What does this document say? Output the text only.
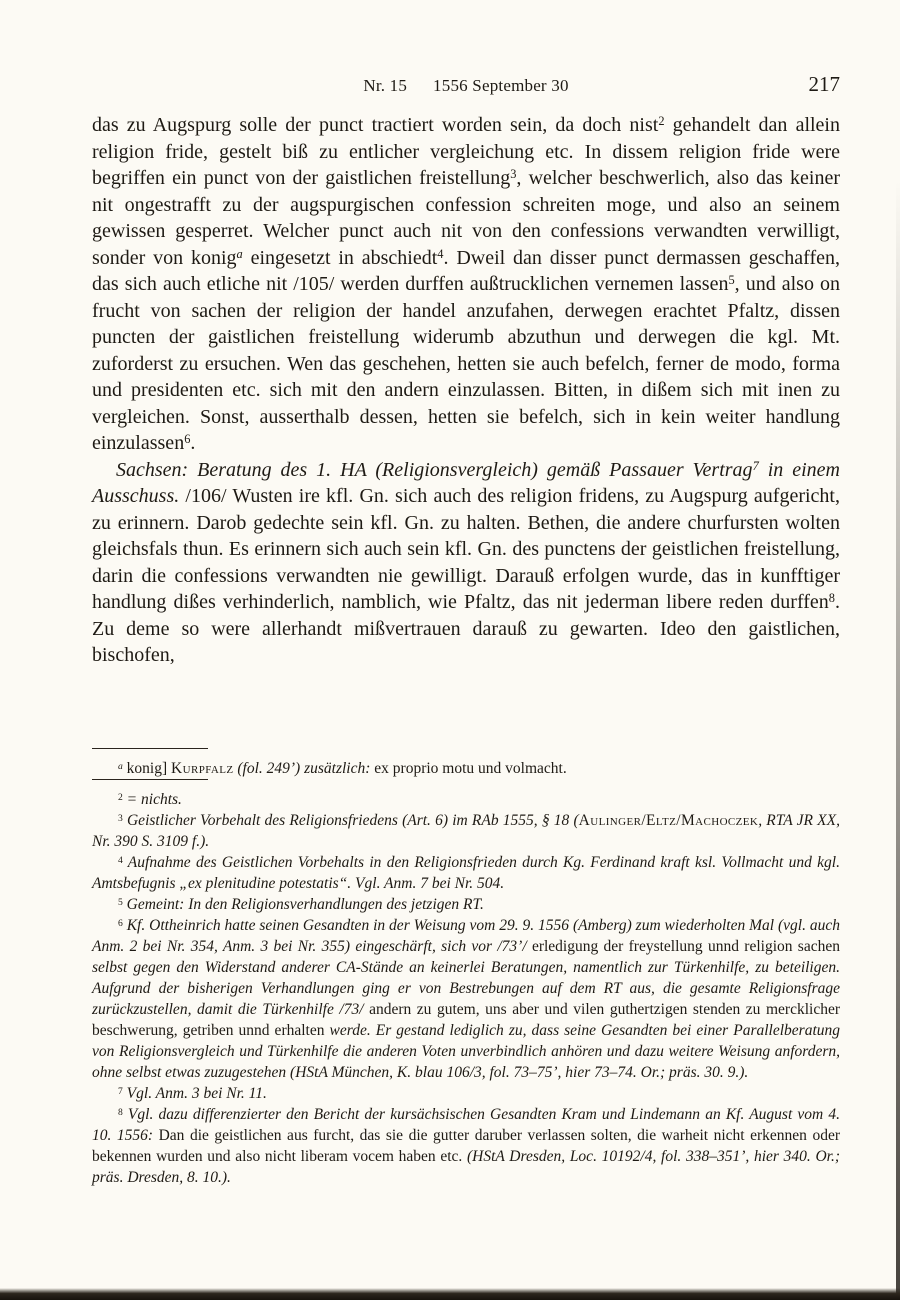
Nr. 15 1556 September 30	217

das zu Augspurg solle der punct tractiert worden sein, da doch nist$^2$ gehandelt dan allein religion fride, gestelt biß zu entlicher vergleichung etc. In dissem religion fride were begriffen ein punct von der gaistlichen freistellung$^3$, welcher beschwerlich, also das keiner nit ongestrafft zu der augspurgischen confession schreiten moge, und also an seinem gewissen gesperret. Welcher punct auch nit von den confessions verwandten verwilligt, sonder von konig$^a$ eingesetzt in abschiedt$^4$. Dweil dan disser punct dermassen geschaffen, das sich auch etliche nit /105/ werden durffen außtrucklichen vernemen lassen$^5$, und also on frucht von sachen der religion der handel anzufahen, derwegen erachtet Pfaltz, dissen puncten der gaistlichen freistellung widerumb abzuthun und derwegen die kgl. Mt. zuforderst zu ersuchen. Wen das geschehen, hetten sie auch befelch, ferner de modo, forma und presidenten etc. sich mit den andern einzulassen. Bitten, in dißem sich mit inen zu vergleichen. Sonst, ausserthalb dessen, hetten sie befelch, sich in kein weiter handlung einzulassen$^6$.

Sachsen: Beratung des 1. HA (Religionsvergleich) gemäß Passauer Vertrag$^7$ in einem Ausschuss. /106/ Wusten ire kfl. Gn. sich auch des religion fridens, zu Augspurg aufgericht, zu erinnern. Darob gedechte sein kfl. Gn. zu halten. Bethen, die andere churfursten wolten gleichsfals thun. Es erinnern sich auch sein kfl. Gn. des punctens der geistlichen freistellung, darin die confessions verwandten nie gewilligt. Darauß erfolgen wurde, das in kunfftiger handlung dißes verhinderlich, namblich, wie Pfaltz, das nit jederman libere reden durffen$^8$. Zu deme so were allerhandt mißvertrauen darauß zu gewarten. Ideo den gaistlichen, bischofen,

$^a$ konig] Kurpfalz (fol. 249’) zusätzlich: ex proprio motu und volmacht.

$^2$ = nichts.

$^3$ Geistlicher Vorbehalt des Religionsfriedens (Art. 6) im RAb 1555, § 18 (Aulinger/Eltz/Machoczek, RTA JR XX, Nr. 390 S. 3109 f.).

$^4$ Aufnahme des Geistlichen Vorbehalts in den Religionsfrieden durch Kg. Ferdinand kraft ksl. Vollmacht und kgl. Amtsbefugnis „ex plenitudine potestatis“. Vgl. Anm. 7 bei Nr. 504.

$^5$ Gemeint: In den Religionsverhandlungen des jetzigen RT.

$^6$ Kf. Ottheinrich hatte seinen Gesandten in der Weisung vom 29. 9. 1556 (Amberg) zum wiederholten Mal (vgl. auch Anm. 2 bei Nr. 354, Anm. 3 bei Nr. 355) eingeschärft, sich vor /73’/ erledigung der freystellung unnd religion sachen selbst gegen den Widerstand anderer CA-Stände an keinerlei Beratungen, namentlich zur Türkenhilfe, zu beteiligen. Aufgrund der bisherigen Verhandlungen ging er von Bestrebungen auf dem RT aus, die gesamte Religionsfrage zurückzustellen, damit die Türkenhilfe /73/ andern zu gutem, uns aber und vilen guthertzigen stenden zu mercklicher beschwerung, getriben unnd erhalten werde. Er gestand lediglich zu, dass seine Gesandten bei einer Parallelberatung von Religionsvergleich und Türkenhilfe die anderen Voten unverbindlich anhören und dazu weitere Weisung anfordern, ohne selbst etwas zuzugestehen (HStA München, K. blau 106/3, fol. 73–75’, hier 73–74. Or.; präs. 30. 9.).

$^7$ Vgl. Anm. 3 bei Nr. 11.

$^8$ Vgl. dazu differenzierter den Bericht der kursächsischen Gesandten Kram und Lindemann an Kf. August vom 4. 10. 1556: Dan die geistlichen aus furcht, das sie die gutter daruber verlassen solten, die warheit nicht erkennen oder bekennen wurden und also nicht liberam vocem haben etc. (HStA Dresden, Loc. 10192/4, fol. 338–351’, hier 340. Or.; präs. Dresden, 8. 10.).
